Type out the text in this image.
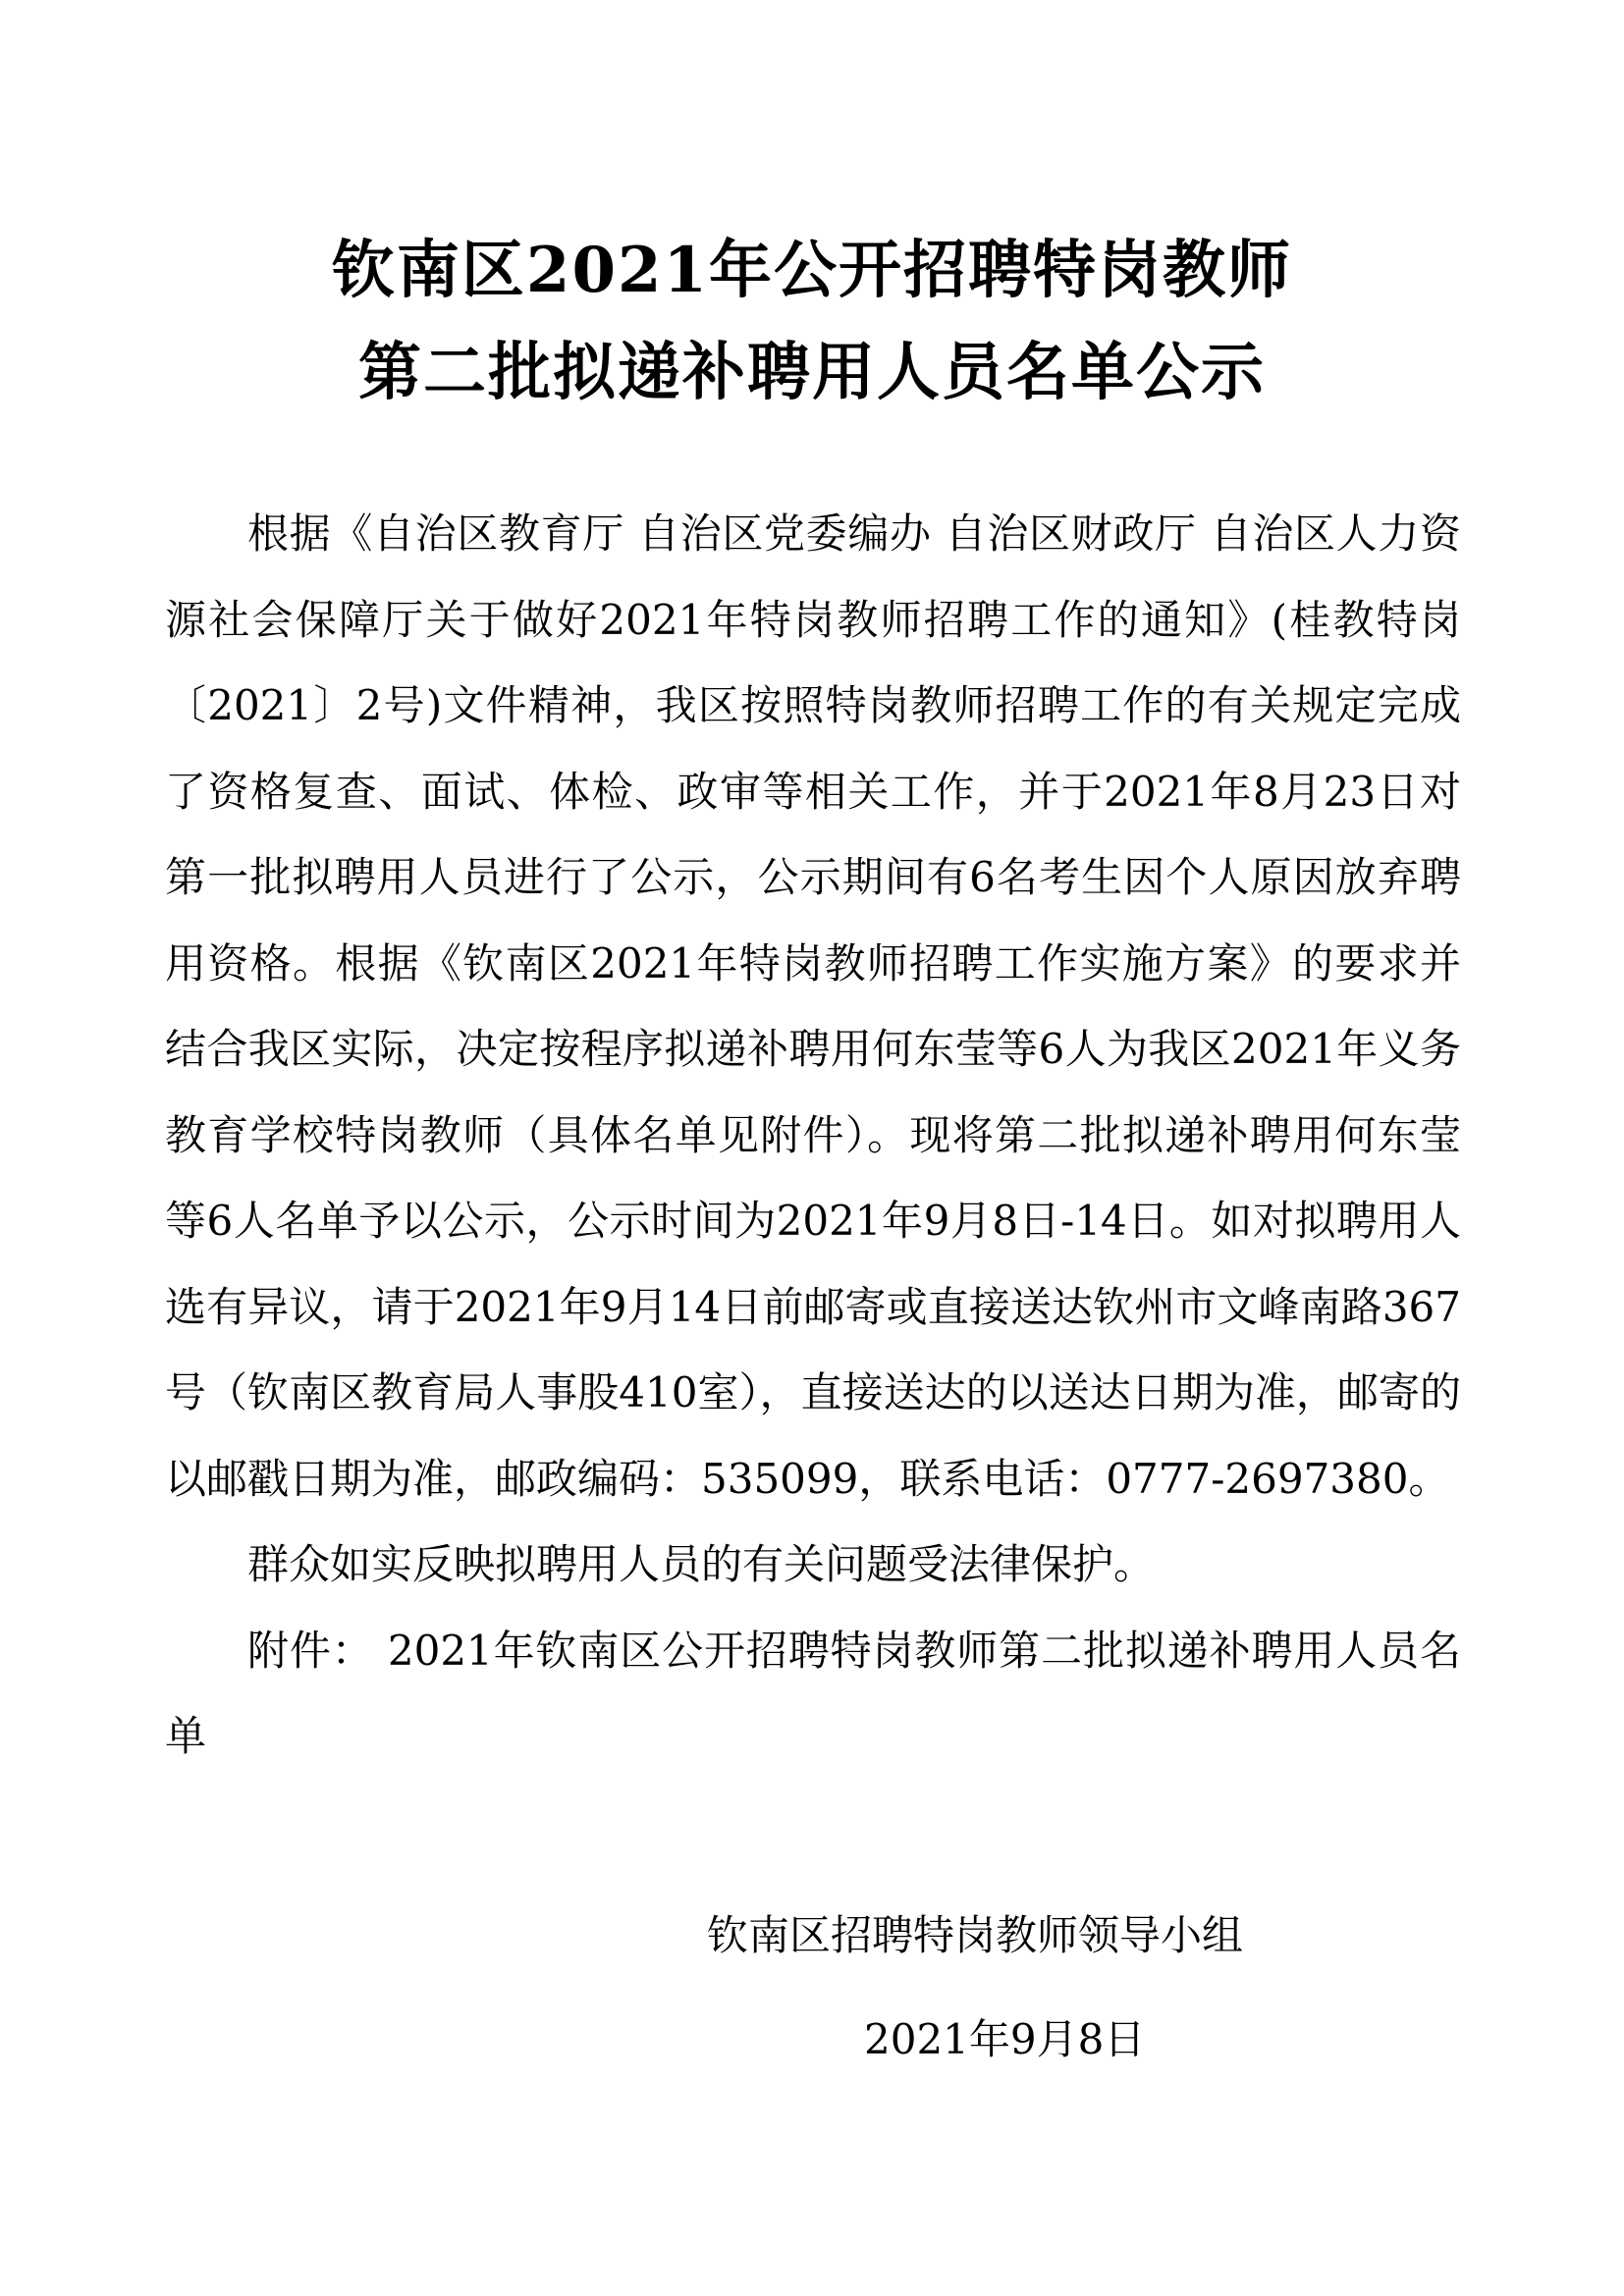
钦南区2021年公开招聘特岗教师
第二批拟递补聘用人员名单公示

根据《自治区教育厅 自治区党委编办 自治区财政厅 自治区人力资源社会保障厅关于做好2021年特岗教师招聘工作的通知》(桂教特岗〔2021〕2号)文件精神，我区按照特岗教师招聘工作的有关规定完成了资格复查、面试、体检、政审等相关工作，并于2021年8月23日对第一批拟聘用人员进行了公示，公示期间有6名考生因个人原因放弃聘用资格。根据《钦南区2021年特岗教师招聘工作实施方案》的要求并结合我区实际，决定按程序拟递补聘用何东莹等6人为我区2021年义务教育学校特岗教师（具体名单见附件）。现将第二批拟递补聘用何东莹等6人名单予以公示，公示时间为2021年9月8日-14日。如对拟聘用人选有异议，请于2021年9月14日前邮寄或直接送达钦州市文峰南路367号（钦南区教育局人事股410室），直接送达的以送达日期为准，邮寄的以邮戳日期为准，邮政编码：535099，联系电话：0777-2697380。

群众如实反映拟聘用人员的有关问题受法律保护。

附件： 2021年钦南区公开招聘特岗教师第二批拟递补聘用人员名单

钦南区招聘特岗教师领导小组
2021年9月8日
